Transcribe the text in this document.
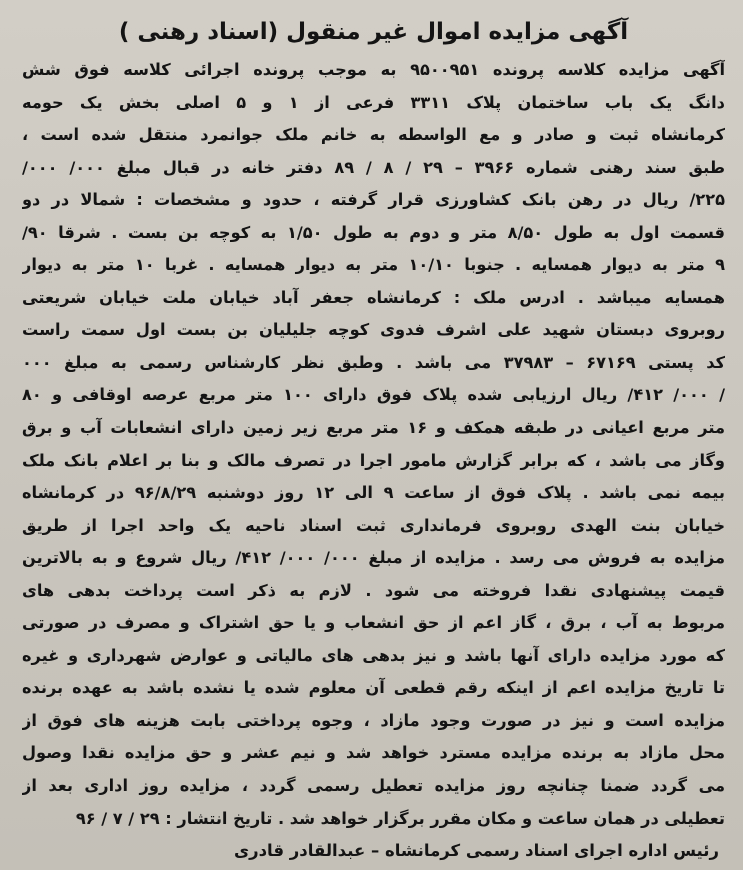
آگهی مزایده اموال غیر منقول (اسناد رهنی )
آگهی مزایده کلاسه پرونده ۹۵۰۰۹۵۱ به موجب پرونده اجرائی کلاسه فوق شش
دانگ یک باب ساختمان پلاک ۳۳۱۱ فرعی از ۱ و ۵ اصلی بخش یک حومه
کرمانشاه ثبت و صادر و مع الواسطه به خانم ملک جوانمرد منتقل شده است ،
طبق سند رهنی شماره ۳۹۶۶ – ۲۹ / ۸ / ۸۹ دفتر خانه در قبال مبلغ ۰۰۰/ ۰۰۰/
۲۲۵/ ریال در رهن بانک کشاورزی قرار گرفته ، حدود و مشخصات : شمالا در دو
قسمت اول به طول ۸/۵۰ متر و دوم به طول ۱/۵۰ به کوچه بن بست . شرقا ۹۰/
۹ متر به دیوار همسایه . جنوبا ۱۰/۱۰ متر به دیوار همسایه . غربا ۱۰ متر به دیوار
همسایه میباشد . ادرس ملک : کرمانشاه جعفر آباد خیابان ملت خیابان شریعتی
روبروی دبستان شهید علی اشرف فدوی کوچه جلیلیان بن بست اول سمت راست
کد پستی ۶۷۱۶۹ – ۳۷۹۸۳ می باشد . وطبق نظر کارشناس رسمی به مبلغ ۰۰۰
/ ۰۰۰/ ۴۱۲/ ریال ارزیابی شده پلاک فوق دارای ۱۰۰ متر مربع عرصه اوقافی و ۸۰
متر مربع اعیانی در طبقه همکف و ۱۶ متر مربع زیر زمین دارای انشعابات آب و برق
وگاز می باشد ، که برابر گزارش مامور اجرا در تصرف مالک و بنا بر اعلام بانک ملک
بیمه نمی باشد . پلاک فوق از ساعت ۹ الی ۱۲ روز دوشنبه ۹۶/۸/۲۹ در کرمانشاه
خیابان بنت الهدی روبروی فرمانداری ثبت اسناد ناحیه یک واحد اجرا از طریق
مزایده به فروش می رسد . مزایده از مبلغ ۰۰۰/ ۰۰۰/ ۴۱۲/ ریال شروع و به بالاترین
قیمت پیشنهادی نقدا فروخته می شود . لازم به ذکر است پرداخت بدهی های
مربوط به آب ، برق ، گاز اعم از حق انشعاب و یا حق اشتراک و مصرف در صورتی
که مورد مزایده دارای آنها باشد و نیز بدهی های مالیاتی و عوارض شهرداری و غیره
تا تاریخ مزایده اعم از اینکه رقم قطعی آن معلوم شده یا نشده باشد به عهده برنده
مزایده است و نیز در صورت وجود مازاد ، وجوه پرداختی بابت هزینه های فوق از
محل مازاد به برنده مزایده مسترد خواهد شد و نیم عشر و حق مزایده نقدا وصول
می گردد ضمنا چنانچه روز مزایده تعطیل رسمی گردد ، مزایده روز اداری بعد از
تعطیلی در همان ساعت و مکان مقرر برگزار خواهد شد . تاریخ انتشار : ۲۹ / ۷ / ۹۶
رئیس اداره اجرای اسناد رسمی کرمانشاه – عبدالقادر قادری
